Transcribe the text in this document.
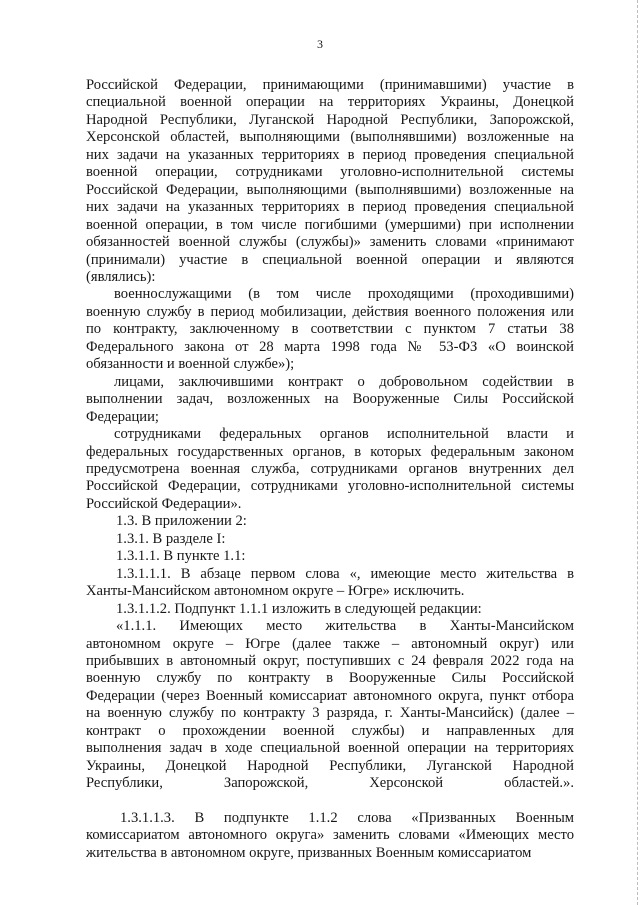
3
Российской Федерации, принимающими (принимавшими) участие в
специальной военной операции на территориях Украины, Донецкой
Народной Республики, Луганской Народной Республики, Запорожской,
Херсонской областей, выполняющими (выполнявшими) возложенные на
них задачи на указанных территориях в период проведения специальной
военной операции, сотрудниками уголовно-исполнительной системы
Российской Федерации, выполняющими (выполнявшими) возложенные на
них задачи на указанных территориях в период проведения специальной
военной операции, в том числе погибшими (умершими) при исполнении
обязанностей военной службы (службы)» заменить словами «принимают
(принимали) участие в специальной военной операции и являются
(являлись):
военнослужащими (в том числе проходящими (проходившими)
военную службу в период мобилизации, действия военного положения или
по контракту, заключенному в соответствии с пунктом 7 статьи 38
Федерального закона от 28 марта 1998 года № 53-ФЗ «О воинской
обязанности и военной службе»);
лицами, заключившими контракт о добровольном содействии в
выполнении задач, возложенных на Вооруженные Силы Российской
Федерации;
сотрудниками федеральных органов исполнительной власти и
федеральных государственных органов, в которых федеральным законом
предусмотрена военная служба, сотрудниками органов внутренних дел
Российской Федерации, сотрудниками уголовно-исполнительной системы
Российской Федерации».
1.3. В приложении 2:
1.3.1. В разделе I:
1.3.1.1. В пункте 1.1:
1.3.1.1.1. В абзаце первом слова «, имеющие место жительства в
Ханты-Мансийском автономном округе – Югре» исключить.
1.3.1.1.2. Подпункт 1.1.1 изложить в следующей редакции:
«1.1.1. Имеющих место жительства в Ханты-Мансийском
автономном округе – Югре (далее также – автономный округ) или
прибывших в автономный округ, поступивших с 24 февраля 2022 года на
военную службу по контракту в Вооруженные Силы Российской
Федерации (через Военный комиссариат автономного округа, пункт отбора
на военную службу по контракту 3 разряда, г. Ханты-Мансийск) (далее –
контракт о прохождении военной службы) и направленных для
выполнения задач в ходе специальной военной операции на территориях
Украины, Донецкой Народной Республики, Луганской Народной
Республики, Запорожской, Херсонской областей.».

1.3.1.1.3. В подпункте 1.1.2 слова «Призванных Военным
комиссариатом автономного округа» заменить словами «Имеющих место
жительства в автономном округе, призванных Военным комиссариатом
